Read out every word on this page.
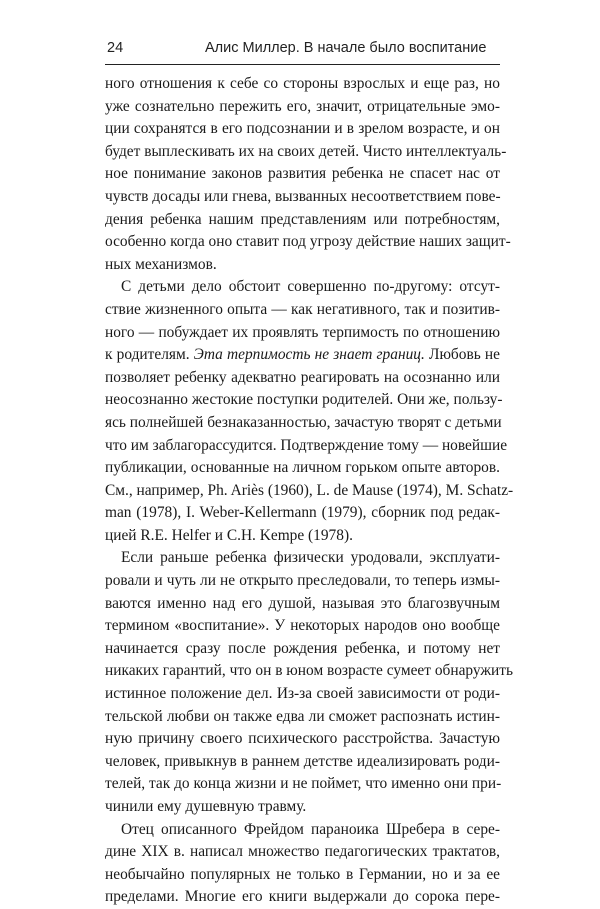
24	Алис Миллер. В начале было воспитание
ного отношения к себе со стороны взрослых и еще раз, но
уже сознательно пережить его, значит, отрицательные эмо-
ции сохранятся в его подсознании и в зрелом возрасте, и он
будет выплескивать их на своих детей. Чисто интеллектуаль-
ное понимание законов развития ребенка не спасет нас от
чувств досады или гнева, вызванных несоответствием пове-
дения ребенка нашим представлениям или потребностям,
особенно когда оно ставит под угрозу действие наших защит-
ных механизмов.
С детьми дело обстоит совершенно по-другому: отсут-
ствие жизненного опыта — как негативного, так и позитив-
ного — побуждает их проявлять терпимость по отношению
к родителям. Эта терпимость не знает границ. Любовь не
позволяет ребенку адекватно реагировать на осознанно или
неосознанно жестокие поступки родителей. Они же, пользу-
ясь полнейшей безнаказанностью, зачастую творят с детьми
что им заблагорассудится. Подтверждение тому — новейшие
публикации, основанные на личном горьком опыте авторов.
См., например, Ph. Ariès (1960), L. de Mause (1974), M. Schatz-
man (1978), I. Weber-Kellermann (1979), сборник под редак-
цией R.E. Helfer и C.H. Kempe (1978).
Если раньше ребенка физически уродовали, эксплуати-
ровали и чуть ли не открыто преследовали, то теперь измы-
ваются именно над его душой, называя это благозвучным
термином «воспитание». У некоторых народов оно вообще
начинается сразу после рождения ребенка, и потому нет
никаких гарантий, что он в юном возрасте сумеет обнаружить
истинное положение дел. Из-за своей зависимости от роди-
тельской любви он также едва ли сможет распознать истин-
ную причину своего психического расстройства. Зачастую
человек, привыкнув в раннем детстве идеализировать роди-
телей, так до конца жизни и не поймет, что именно они при-
чинили ему душевную травму.
Отец описанного Фрейдом параноика Шребера в сере-
дине XIX в. написал множество педагогических трактатов,
необычайно популярных не только в Германии, но и за ее
пределами. Многие его книги выдержали до сорока пере-
